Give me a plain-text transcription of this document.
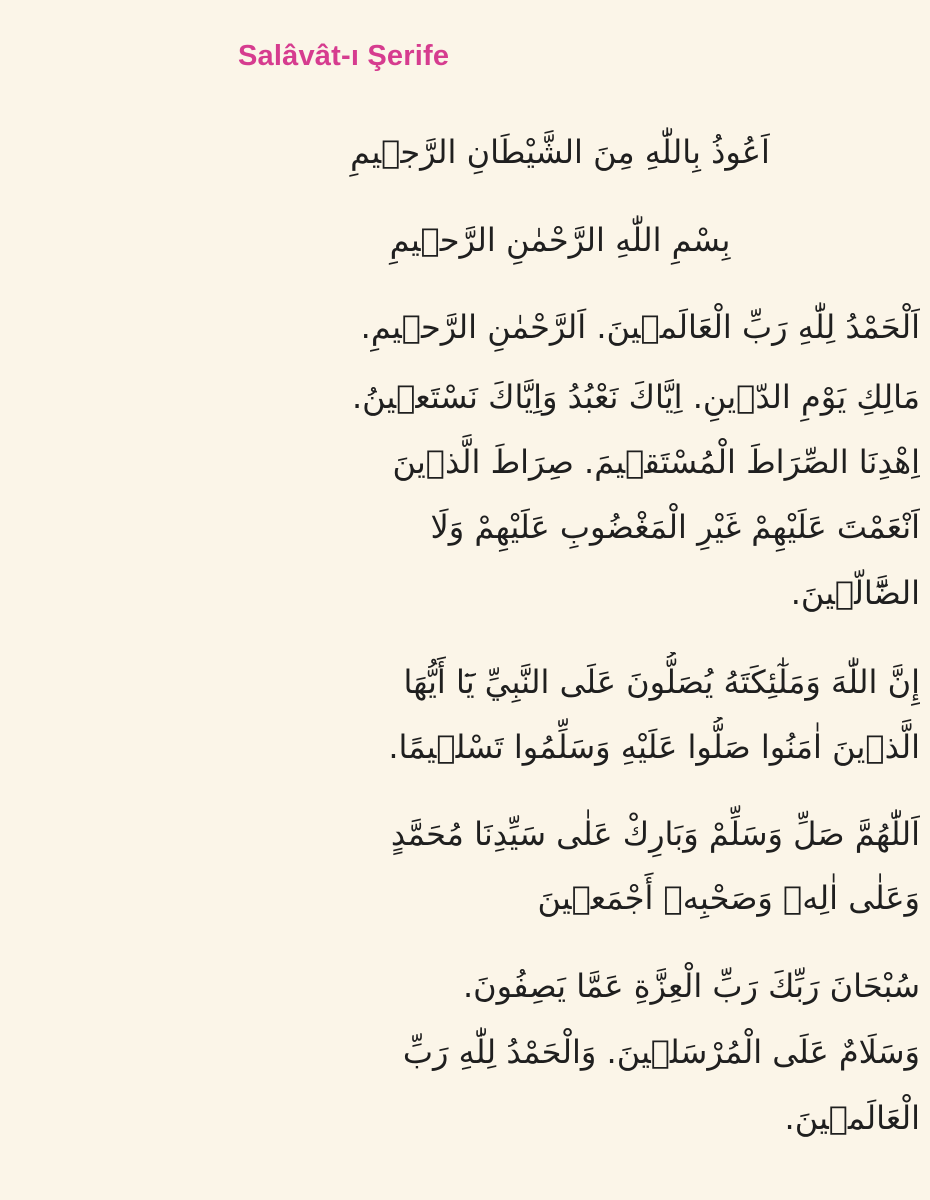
Salâvât-ı Şerife
اَعُوذُ بِاللّٰهِ مِنَ الشَّيْطَانِ الرَّج۪يمِ
بِسْمِ اللّٰهِ الرَّحْمٰنِ الرَّح۪يمِ
اَلْحَمْدُ لِلّٰهِ رَبِّ الْعَالَم۪ينَ. اَلرَّحْمٰنِ الرَّح۪يمِ.
مَالِكِ يَوْمِ الدّ۪ينِ. اِيَّاكَ نَعْبُدُ وَاِيَّاكَ نَسْتَع۪ينُ.
اِهْدِنَا الصِّرَاطَ الْمُسْتَق۪يمَ. صِرَاطَ الَّذ۪ينَ
اَنْعَمْتَ عَلَيْهِمْ غَيْرِ الْمَغْضُوبِ عَلَيْهِمْ وَلَا
الضَّٓالّ۪ينَ.
إِنَّ اللّٰهَ وَمَلٰٓئِكَتَهُ يُصَلُّونَ عَلَى النَّبِيِّ يَٓا أَيُّهَا
الَّذ۪ينَ اٰمَنُوا صَلُّوا عَلَيْهِ وَسَلِّمُوا تَسْل۪يمًا.
اَللّٰهُمَّ صَلِّ وَسَلِّمْ وَبَارِكْ عَلٰى سَيِّدِنَا مُحَمَّدٍ
وَعَلٰى اٰلِه۪ وَصَحْبِه۪ أَجْمَع۪ينَ
سُبْحَانَ رَبِّكَ رَبِّ الْعِزَّةِ عَمَّا يَصِفُونَ.
وَسَلَامٌ عَلَى الْمُرْسَل۪ينَ. وَالْحَمْدُ لِلّٰهِ رَبِّ
الْعَالَم۪ينَ.
